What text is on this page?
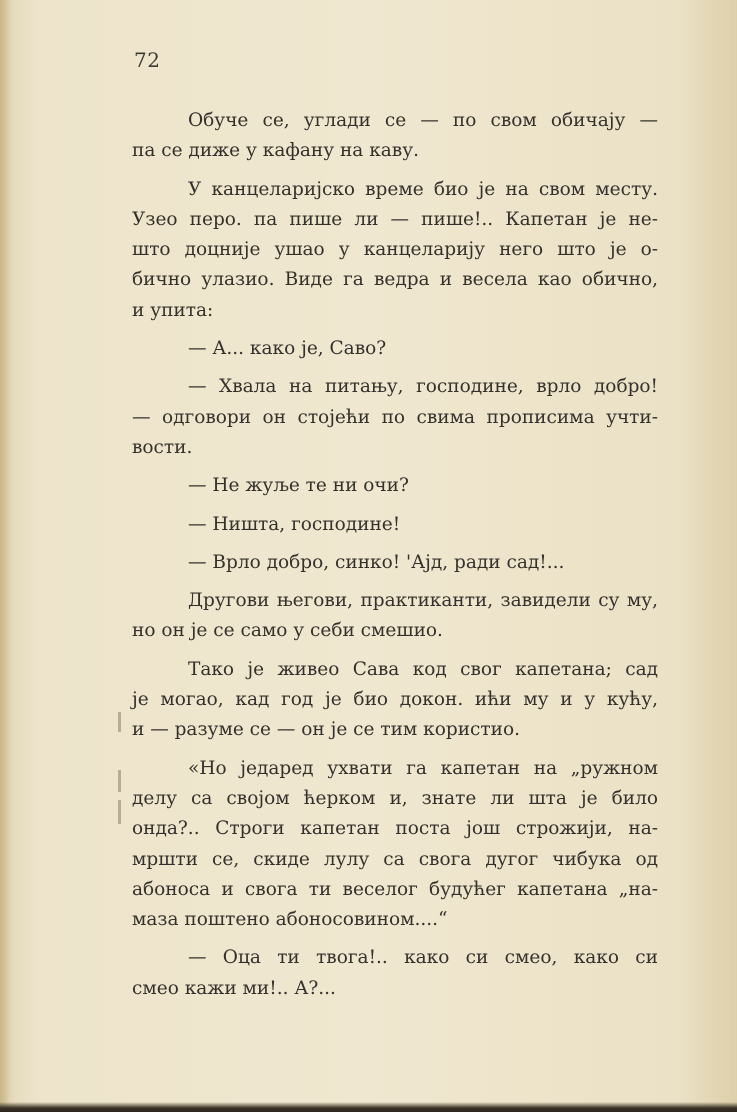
72
Обуче се, углади се — по свом обичају —
па се диже у кафану на каву.
У канцеларијско време био је на свом месту.
Узео перо. па пише ли — пише!.. Капетан је не-
што доцније ушао у канцеларију него што је о-
бично улазио. Виде га ведра и весела као обично,
и упита:
— А... како је, Саво?
— Хвала на питању, господине, врло добро!
— одговори он стојећи по свима прописима учти-
вости.
— Не жуље те ни очи?
— Ништа, господине!
— Врло добро, синко! 'Ајд, ради сад!...
Другови његови, практиканти, завидели су му,
но он је се само у себи смешио.
Тако је живео Сава код свог капетана; сад
је могао, кад год је био докон. ићи му и у кућу,
и — разуме се — он је се тим користио.
«Но једаред ухвати га капетан на „ружном
делу са својом ћерком и, знате ли шта је било
онда?.. Строги капетан поста још строжији, на-
мршти се, скиде лулу са свога дугог чибука од
абоноса и свога ти веселог будућег капетана „на-
маза поштено абоносовином....“
— Оца ти твога!.. како си смео, како си
смео кажи ми!.. А?...
